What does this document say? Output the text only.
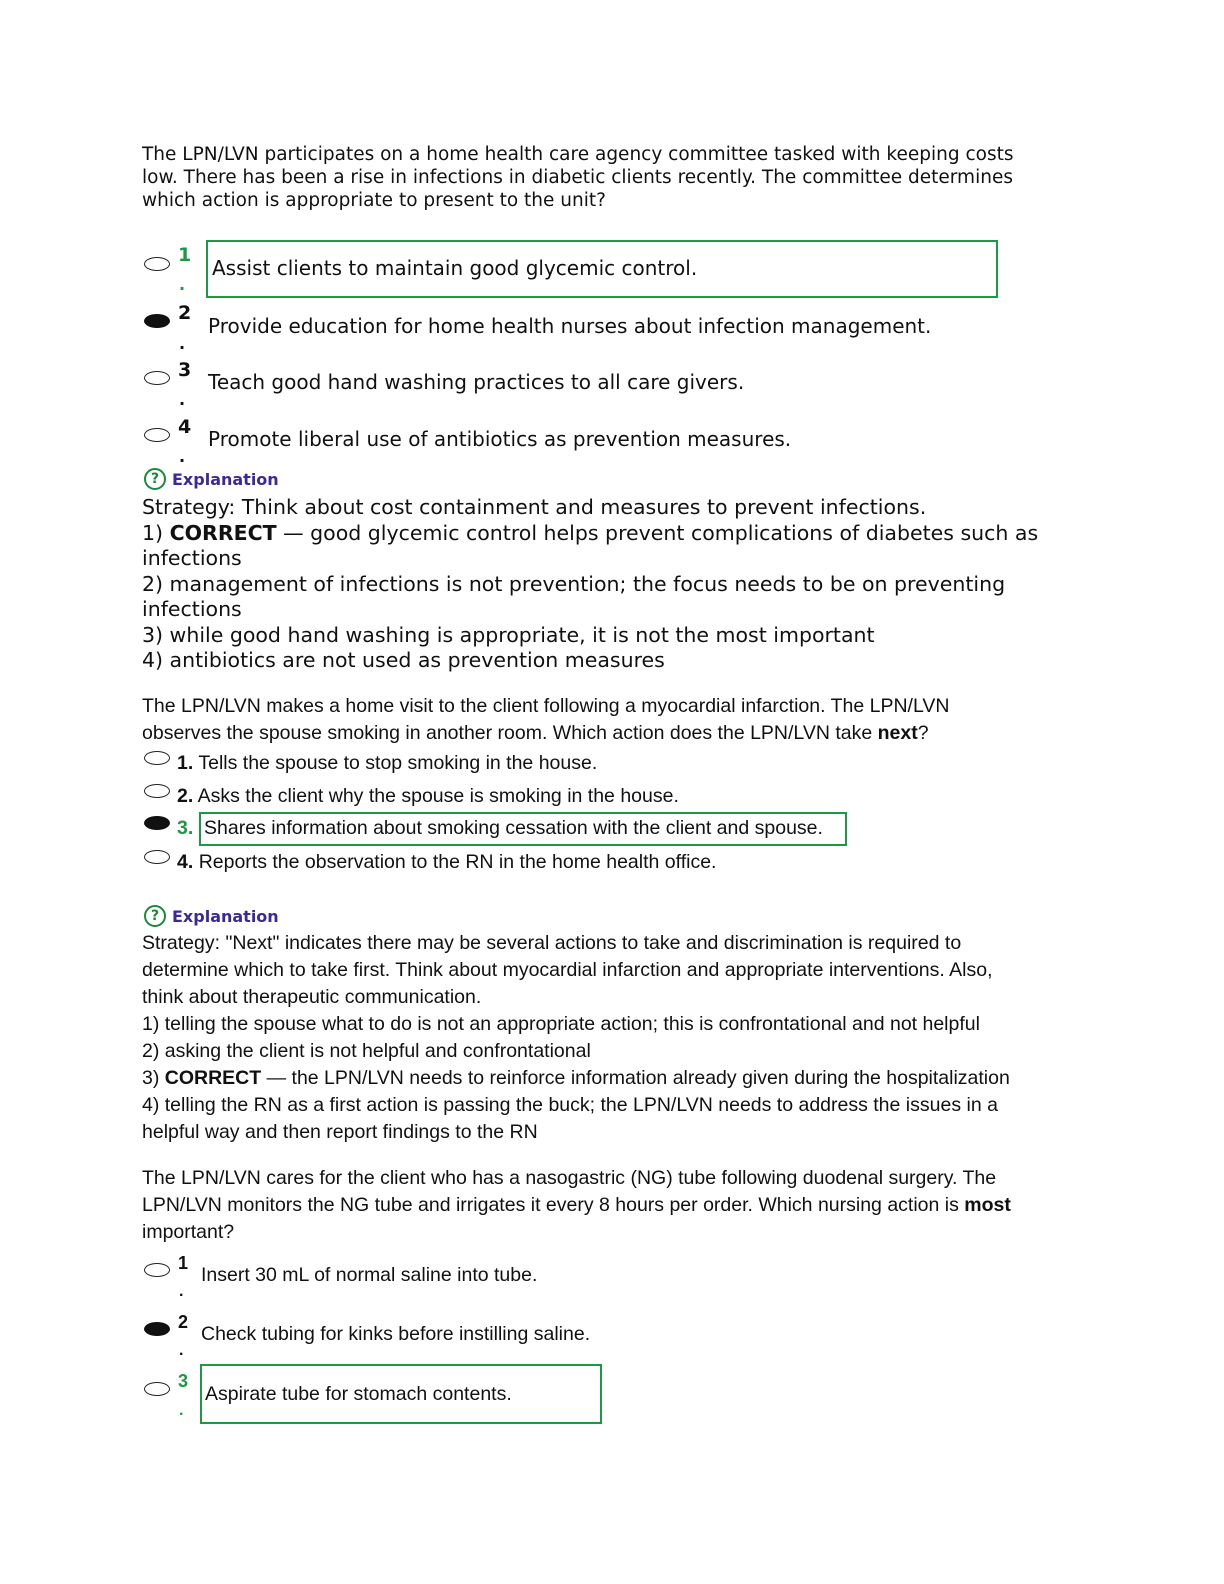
The LPN/LVN participates on a home health care agency committee tasked with keeping costs low. There has been a rise in infections in diabetic clients recently. The committee determines which action is appropriate to present to the unit?
1
.
Assist clients to maintain good glycemic control.
2
.
Provide education for home health nurses about infection management.
3
.
Teach good hand washing practices to all care givers.
4
.
Promote liberal use of antibiotics as prevention measures.
? Explanation

Strategy: Think about cost containment and measures to prevent infections.

1) CORRECT — good glycemic control helps prevent complications of diabetes such as infections

2) management of infections is not prevention; the focus needs to be on preventing infections

3) while good hand washing is appropriate, it is not the most important

4) antibiotics are not used as prevention measures

The LPN/LVN makes a home visit to the client following a myocardial infarction. The LPN/LVN observes the spouse smoking in another room. Which action does the LPN/LVN take next?

1. Tells the spouse to stop smoking in the house.
2. Asks the client why the spouse is smoking in the house.
3. Shares information about smoking cessation with the client and spouse.
4. Reports the observation to the RN in the home health office.
? Explanation

Strategy: "Next" indicates there may be several actions to take and discrimination is required to determine which to take first. Think about myocardial infarction and appropriate interventions. Also, think about therapeutic communication.

1) telling the spouse what to do is not an appropriate action; this is confrontational and not helpful

2) asking the client is not helpful and confrontational

3) CORRECT — the LPN/LVN needs to reinforce information already given during the hospitalization

4) telling the RN as a first action is passing the buck; the LPN/LVN needs to address the issues in a helpful way and then report findings to the RN

The LPN/LVN cares for the client who has a nasogastric (NG) tube following duodenal surgery. The LPN/LVN monitors the NG tube and irrigates it every 8 hours per order. Which nursing action is most important?

1
.
Insert 30 mL of normal saline into tube.
2
.
Check tubing for kinks before instilling saline.
3
.
Aspirate tube for stomach contents.
